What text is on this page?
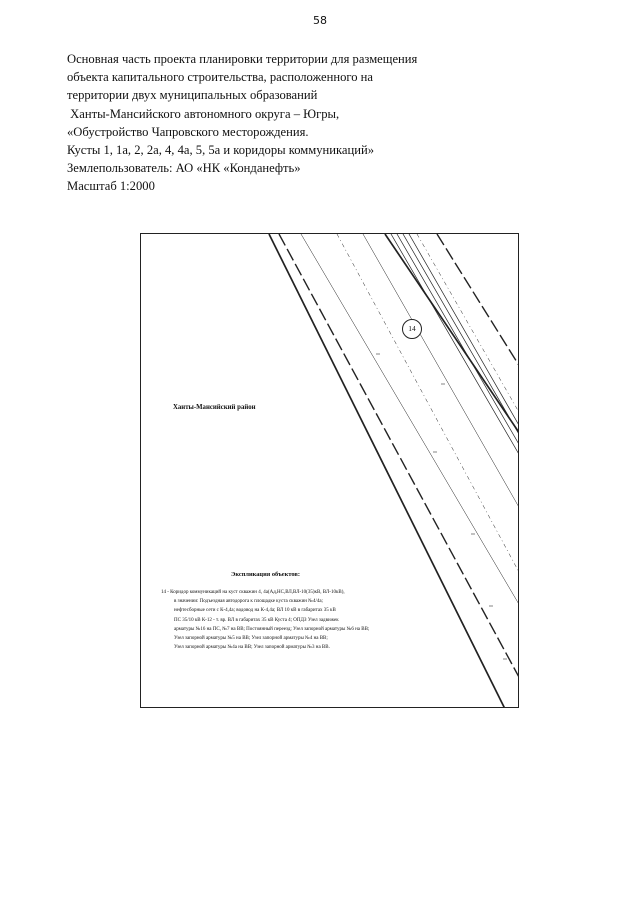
58
Основная часть проекта планировки территории для размещения
объекта капитального строительства, расположенного на
территории двух муниципальных образований
Ханты-Мансийского автономного округа – Югры,
«Обустройство Чапровского месторождения.
Кусты 1, 1а, 2, 2а, 4, 4а, 5, 5а и коридоры коммуникаций»
Землепользователь: АО «НК «Конданефть»
Масштаб 1:2000
14
Ханты-Мансийский район
Экспликация объектов:
14 - Коридор коммуникаций на куст скважин 4, 4а(Ад,НС,ВЛ,ВЛ-10(35)кВ, ВЛ-10кВ),
в значении: Подъездная автодорога к площадке куста скважин №4/4а;
нефтесборные сети с К-4,4а; водовод на К-4,4а; ВЛ 10 кВ в габаритах 35 кВ
ПС 35/10 кВ К-12 - т. вр. ВЛ в габаритах 35 кВ Куста 4; ОПДЗ Узел задвижек
арматуры №16 на ПС, №7 на ВВ; Постоянный переезд; Узел запорной арматуры №6 на ВВ;
Узел запорной арматуры №5 на ВВ; Узел запорной арматуры №4 на ВВ;
Узел запорной арматуры №4а на ВВ; Узел запорной арматуры №3 на ВВ.
